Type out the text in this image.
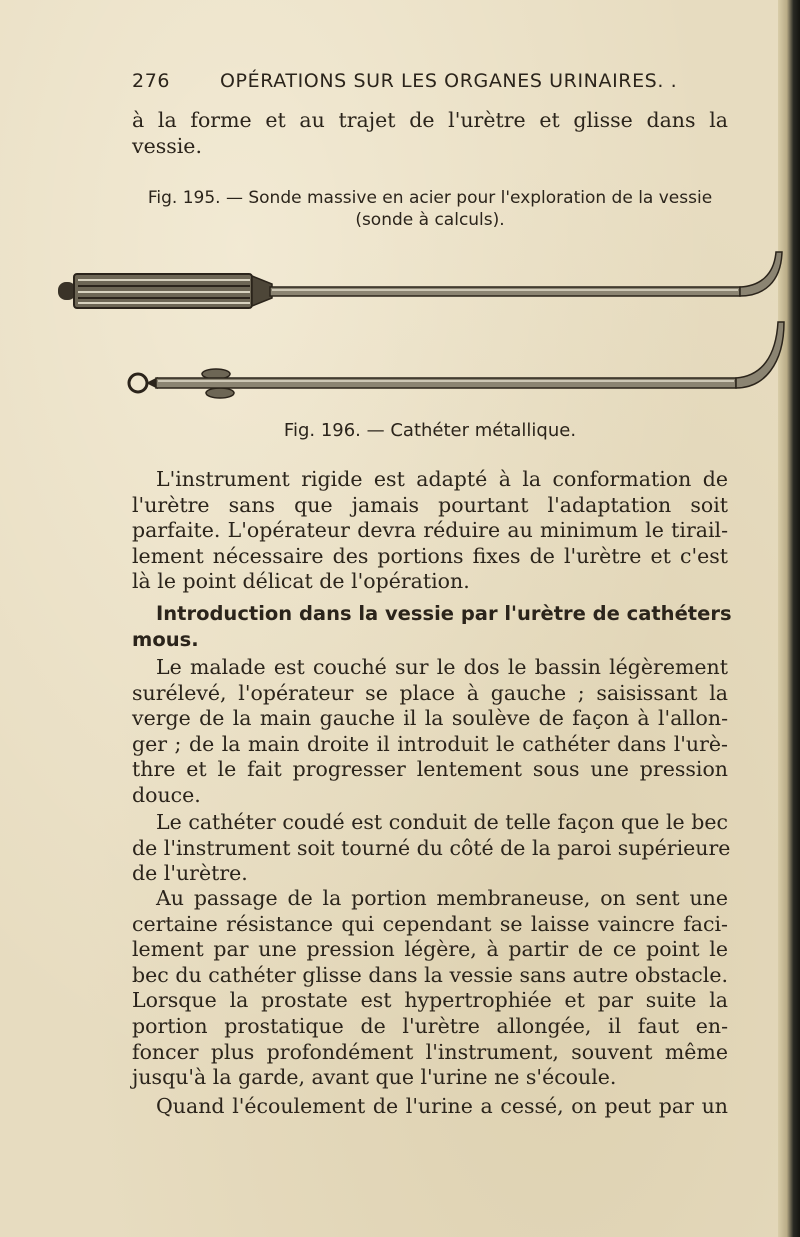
276	OPÉRATIONS SUR LES ORGANES URINAIRES. .
à la forme et au trajet de l'urètre et glisse dans la
vessie.
Fig. 195. — Sonde massive en acier pour l'exploration de la vessie
(sonde à calculs).
Fig. 196. — Cathéter métallique.
L'instrument rigide est adapté à la conformation de
l'urètre sans que jamais pourtant l'adaptation soit
parfaite. L'opérateur devra réduire au minimum le tirail-
lement nécessaire des portions fixes de l'urètre et c'est
là le point délicat de l'opération.
Introduction dans la vessie par l'urètre de cathéters
mous.
Le malade est couché sur le dos le bassin légèrement
surélevé, l'opérateur se place à gauche ; saisissant la
verge de la main gauche il la soulève de façon à l'allon-
ger ; de la main droite il introduit le cathéter dans l'urè-
thre et le fait progresser lentement sous une pression
douce.
Le cathéter coudé est conduit de telle façon que le bec
de l'instrument soit tourné du côté de la paroi supérieure
de l'urètre.
Au passage de la portion membraneuse, on sent une
certaine résistance qui cependant se laisse vaincre faci-
lement par une pression légère, à partir de ce point le
bec du cathéter glisse dans la vessie sans autre obstacle.
Lorsque la prostate est hypertrophiée et par suite la
portion prostatique de l'urètre allongée, il faut en-
foncer plus profondément l'instrument, souvent même
jusqu'à la garde, avant que l'urine ne s'écoule.
Quand l'écoulement de l'urine a cessé, on peut par un
